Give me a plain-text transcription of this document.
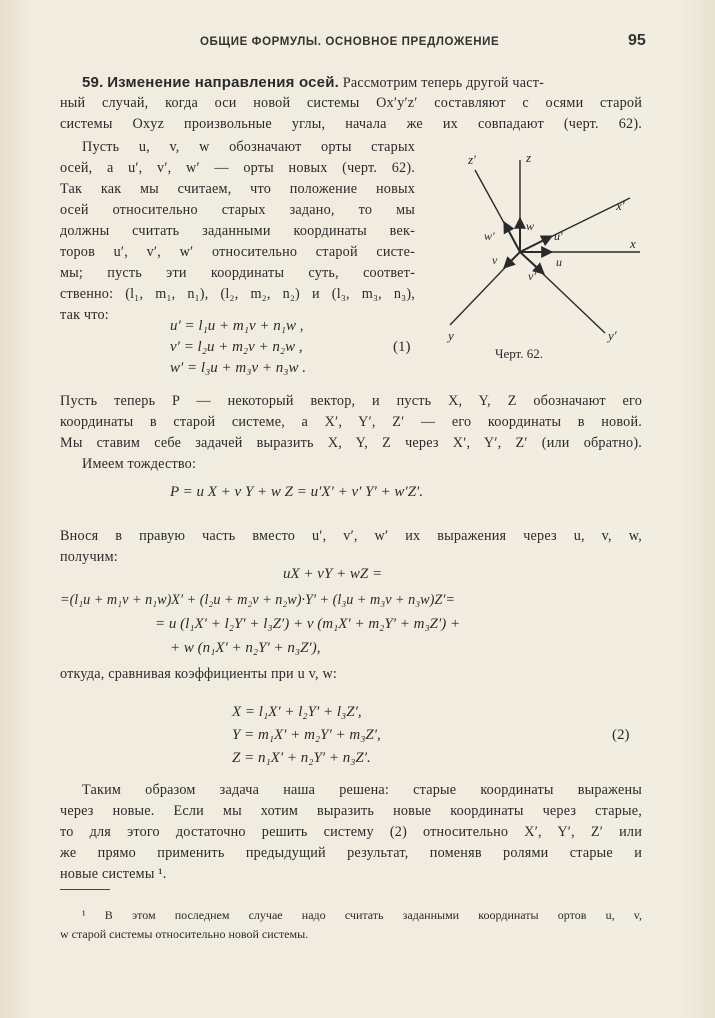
ОБЩИЕ ФОРМУЛЫ. ОСНОВНОЕ ПРЕДЛОЖЕНИЕ	95
59. Изменение направления осей. Рассмотрим теперь другой част-
ный случай, когда оси новой системы Ox′y′z′ составляют с осями старой
системы Oxyz произвольные углы, начала же их совпадают (черт. 62).
Пусть u, v, w обозначают орты старых
осей, а u′, v′, w′ — орты новых (черт. 62).
Так как мы считаем, что положение новых
осей относительно старых задано, то мы
должны считать заданными координаты век-
торов u′, v′, w′ относительно старой систе-
мы; пусть эти координаты суть, соответ-
ственно: (l₁, m₁, n₁), (l₂, m₂, n₂) и (l₃, m₃, n₃),
так что:
u′ = l₁u + m₁v + n₁w ,
v′ = l₂u + m₂v + n₂w ,
w′ = l₃u + m₃v + n₃w .
(1)
z′	z
x′
x
y	y′
w′
w
u′
u
v
v′
Черт. 62.
Пусть теперь P — некоторый вектор, и пусть X, Y, Z обозначают его
координаты в старой системе, а X′, Y′, Z′ — его координаты в новой.
Мы ставим себе задачей выразить X, Y, Z через X′, Y′, Z′ (или обратно).
Имеем тождество:
P = u X + v Y + w Z = u′X′ + v′ Y′ + w′Z′.
Внося в правую часть вместо u′, v′, w′ их выражения через u, v, w,
получим:
uX + vY + wZ =
=(l₁u + m₁v + n₁w)X′ + (l₂u + m₂v + n₂w)·Y′ + (l₃u + m₃v + n₃w)Z′=
= u (l₁X′ + l₂Y′ + l₃Z′) + v (m₁X′ + m₂Y′ + m₃Z′) +
+ w (n₁X′ + n₂Y′ + n₃Z′),
откуда, сравнивая коэффициенты при u v, w:
X = l₁X′ + l₂Y′ + l₃Z′,
Y = m₁X′ + m₂Y′ + m₃Z′,
Z = n₁X′ + n₂Y′ + n₃Z′.
(2)
Таким образом задача наша решена: старые координаты выражены
через новые. Если мы хотим выразить новые координаты через старые,
то для этого достаточно решить систему (2) относительно X′, Y′, Z′ или
же прямо применить предыдущий результат, поменяв ролями старые и
новые системы ¹.
¹ В этом последнем случае надо считать заданными координаты ортов u, v,
w старой системы относительно новой системы.
